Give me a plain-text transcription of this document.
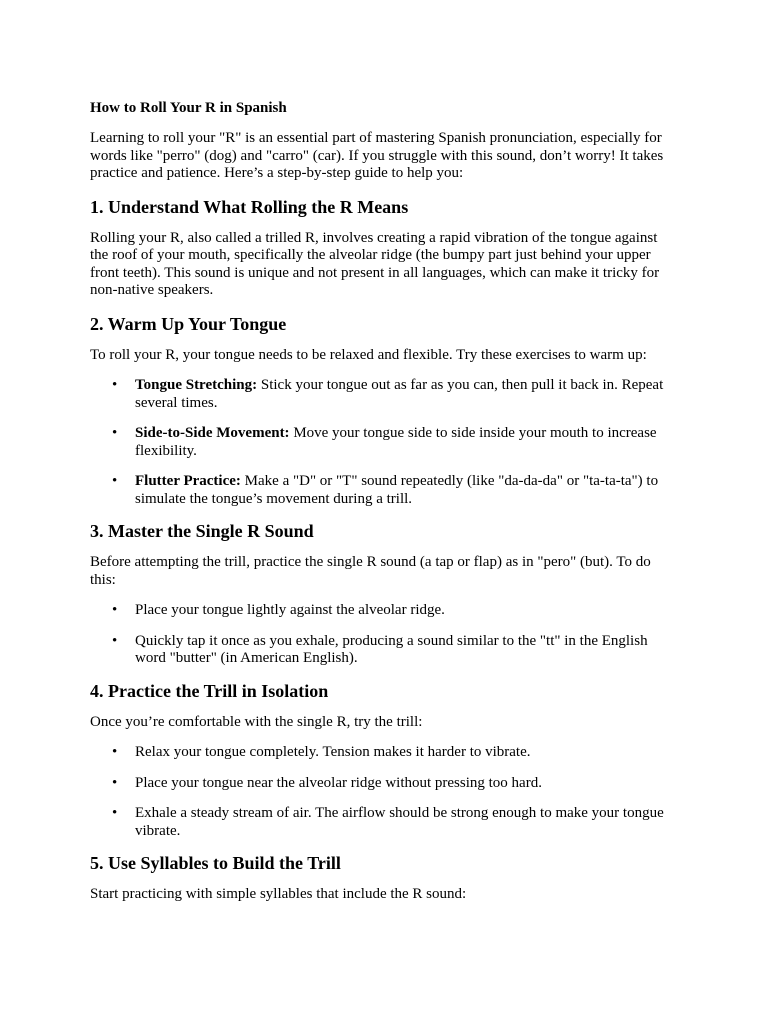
How to Roll Your R in Spanish

Learning to roll your "R" is an essential part of mastering Spanish pronunciation, especially for words like "perro" (dog) and "carro" (car). If you struggle with this sound, don’t worry! It takes practice and patience. Here’s a step-by-step guide to help you:

1. Understand What Rolling the R Means

Rolling your R, also called a trilled R, involves creating a rapid vibration of the tongue against the roof of your mouth, specifically the alveolar ridge (the bumpy part just behind your upper front teeth). This sound is unique and not present in all languages, which can make it tricky for non-native speakers.

2. Warm Up Your Tongue

To roll your R, your tongue needs to be relaxed and flexible. Try these exercises to warm up:

• Tongue Stretching: Stick your tongue out as far as you can, then pull it back in. Repeat several times.
• Side-to-Side Movement: Move your tongue side to side inside your mouth to increase flexibility.
• Flutter Practice: Make a "D" or "T" sound repeatedly (like "da-da-da" or "ta-ta-ta") to simulate the tongue’s movement during a trill.
3. Master the Single R Sound

Before attempting the trill, practice the single R sound (a tap or flap) as in "pero" (but). To do this:

• Place your tongue lightly against the alveolar ridge.
• Quickly tap it once as you exhale, producing a sound similar to the "tt" in the English word "butter" (in American English).
4. Practice the Trill in Isolation

Once you’re comfortable with the single R, try the trill:

• Relax your tongue completely. Tension makes it harder to vibrate.
• Place your tongue near the alveolar ridge without pressing too hard.
• Exhale a steady stream of air. The airflow should be strong enough to make your tongue vibrate.
5. Use Syllables to Build the Trill

Start practicing with simple syllables that include the R sound:
